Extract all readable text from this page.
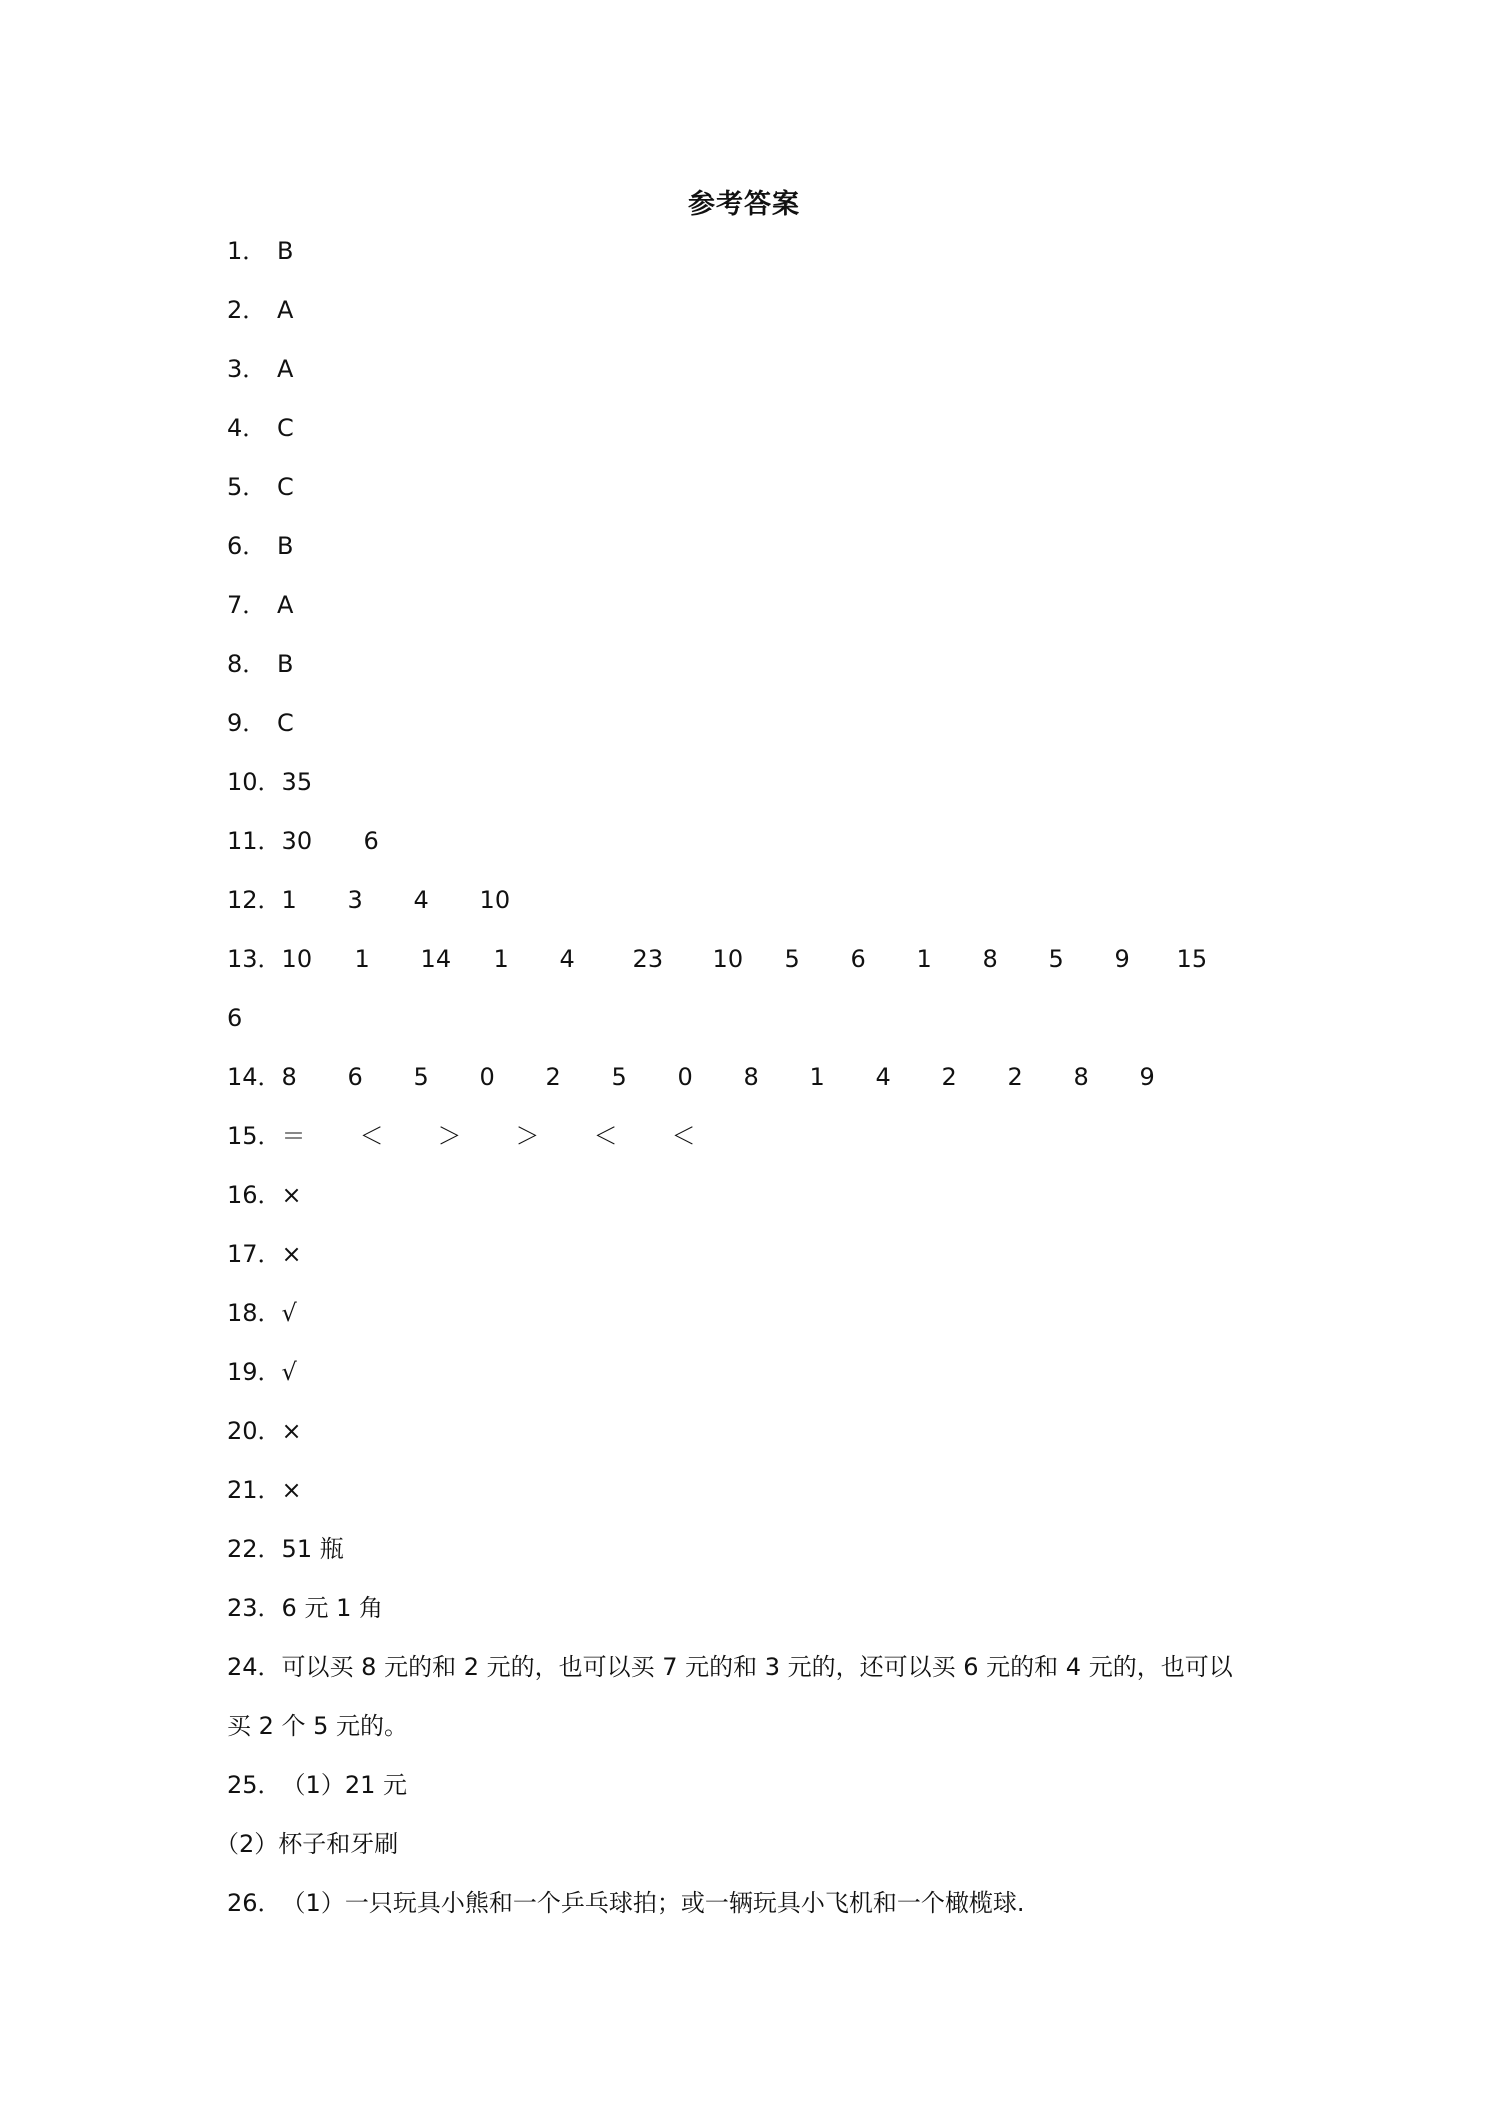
参考答案
1． B
2． A
3． A
4． C
5． C
6． B
7． A
8． B
9． C
10．35
11．30 6
12．1 3 4 10
13．10 1 14 1 4 23 10 5 6 1 8 5 9 15
6
14．8 6 5 0 2 5 0 8 1 4 2 2 8 9
15．＝ ＜ ＞ ＞ ＜ ＜
16．×
17．×
18．√
19．√
20．×
21．×
22．51 瓶
23．6 元 1 角
24．可以买 8 元的和 2 元的，也可以买 7 元的和 3 元的，还可以买 6 元的和 4 元的，也可以
买 2 个 5 元的。
25．（1）21 元
（2）杯子和牙刷
26．（1）一只玩具小熊和一个乒乓球拍；或一辆玩具小飞机和一个橄榄球.
